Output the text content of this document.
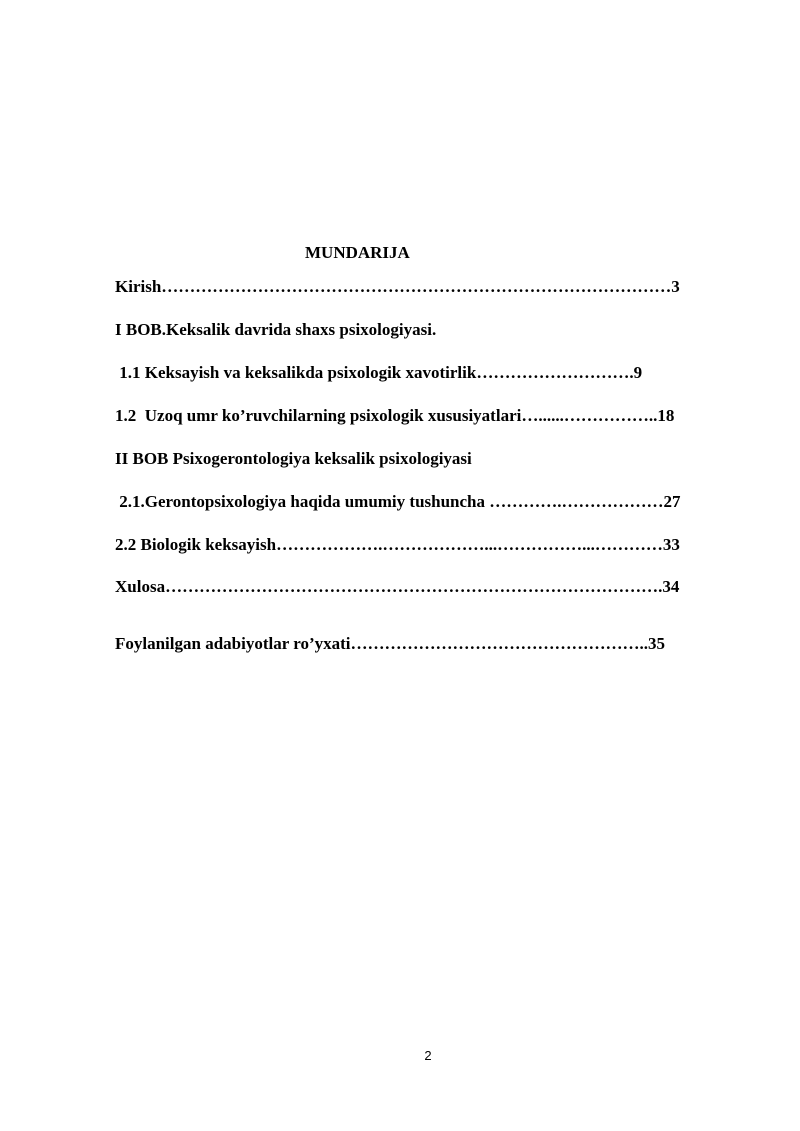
MUNDARIJA
Kirish………………………………………………………………………………3
I BOB.Keksalik davrida shaxs psixologiyasi.
1.1 Keksayish va keksalikda psixologik xavotirlik……………………….9
1.2  Uzoq umr ko’ruvchilarning psixologik xususiyatlari…......……………..18
II BOB Psixogerontologiya keksalik psixologiyasi
2.1.Gerontopsixologiya haqida umumiy tushuncha ………….………………27
2.2 Biologik keksayish……………….………………...……………...…………33
Xulosa…………………………………………………………………………….34
Foylanilgan adabiyotlar ro’yxati……………………………………………..35
2
